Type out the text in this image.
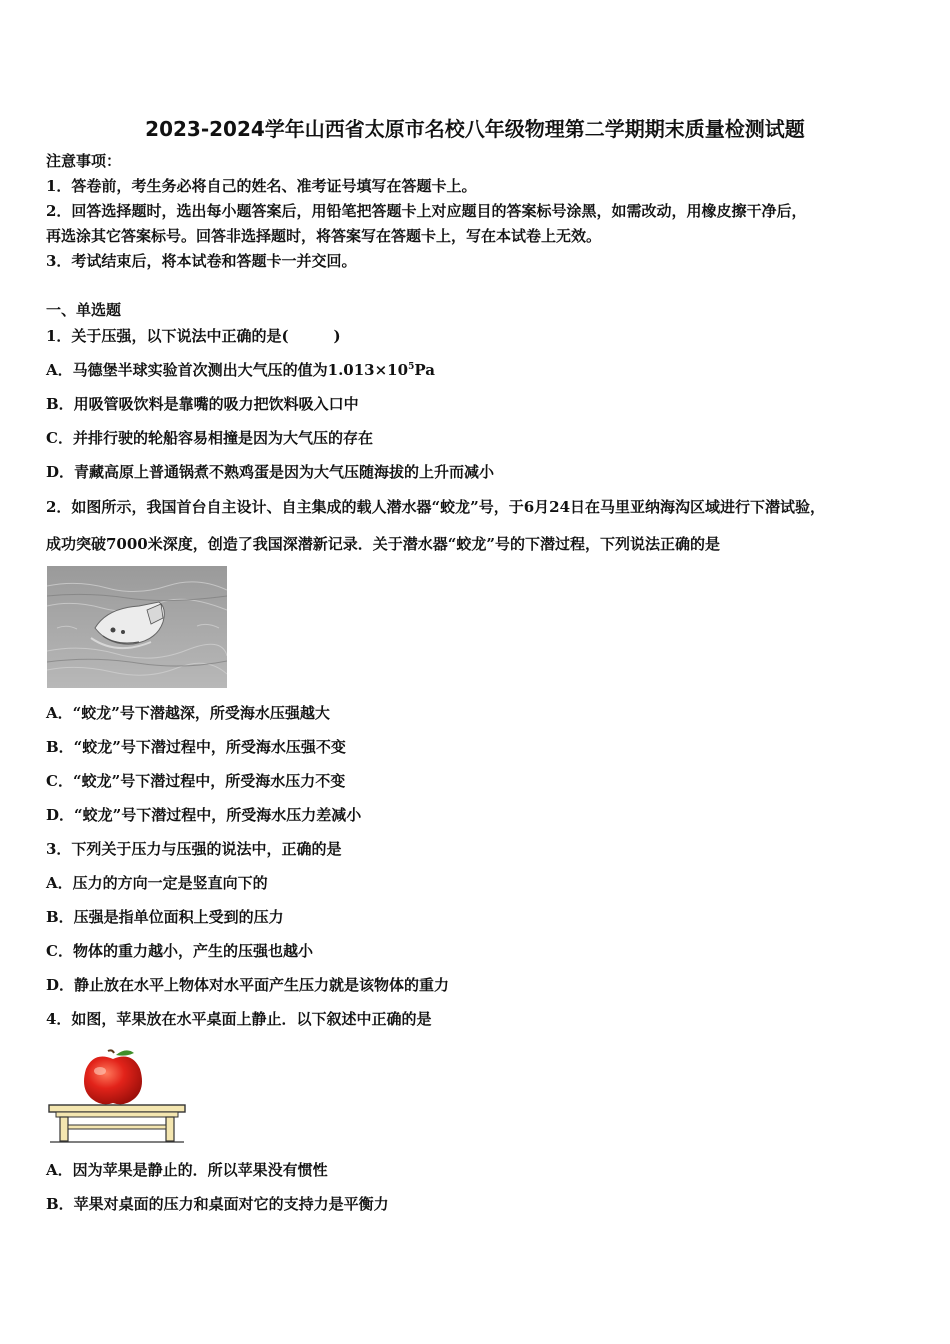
2023-2024学年山西省太原市名校八年级物理第二学期期末质量检测试题
注意事项：
1．答卷前，考生务必将自己的姓名、准考证号填写在答题卡上。
2．回答选择题时，选出每小题答案后，用铅笔把答题卡上对应题目的答案标号涂黑，如需改动，用橡皮擦干净后，
再选涂其它答案标号。回答非选择题时，将答案写在答题卡上，写在本试卷上无效。
3．考试结束后，将本试卷和答题卡一并交回。
一、单选题
1．关于压强，以下说法中正确的是(　　　)
A．马德堡半球实验首次测出大气压的值为$1.013\times 10^5Pa$
B．用吸管吸饮料是靠嘴的吸力把饮料吸入口中
C．并排行驶的轮船容易相撞是因为大气压的存在
D．青藏高原上普通锅煮不熟鸡蛋是因为大气压随海拔的上升而减小
2．如图所示，我国首台自主设计、自主集成的载人潜水器“蛟龙”号，于6月24日在马里亚纳海沟区域进行下潜试验，
成功突破7000米深度，创造了我国深潜新记录．关于潜水器“蛟龙”号的下潜过程，下列说法正确的是
A．“蛟龙”号下潜越深，所受海水压强越大
B．“蛟龙”号下潜过程中，所受海水压强不变
C．“蛟龙”号下潜过程中，所受海水压力不变
D．“蛟龙”号下潜过程中，所受海水压力差减小
3．下列关于压力与压强的说法中，正确的是
A．压力的方向一定是竖直向下的
B．压强是指单位面积上受到的压力
C．物体的重力越小，产生的压强也越小
D．静止放在水平上物体对水平面产生压力就是该物体的重力
4．如图，苹果放在水平桌面上静止．以下叙述中正确的是
A．因为苹果是静止的．所以苹果没有惯性
B．苹果对桌面的压力和桌面对它的支持力是平衡力
